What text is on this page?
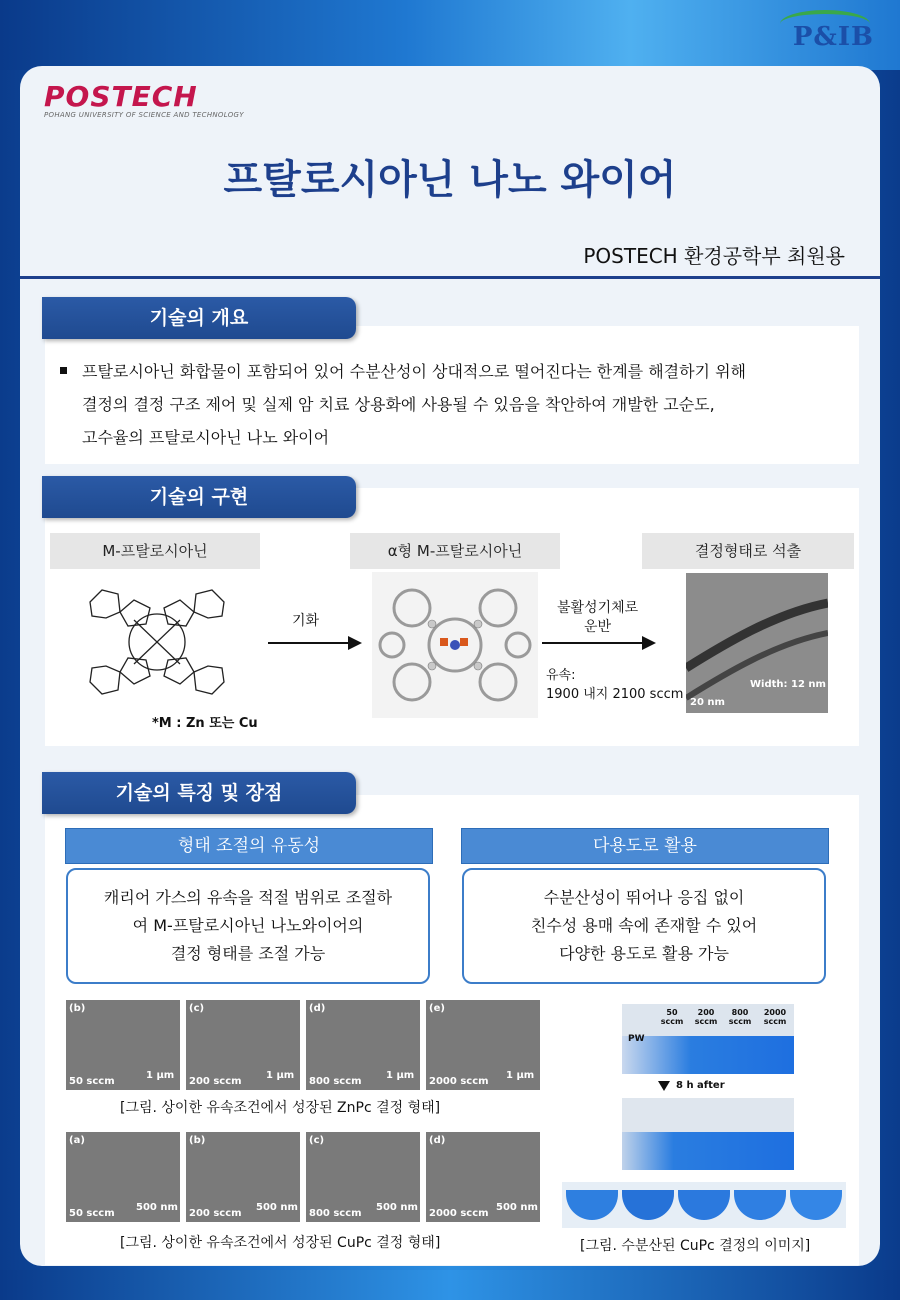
P&IB
POSTECH
POHANG UNIVERSITY OF SCIENCE AND TECHNOLOGY
프탈로시아닌 나노 와이어
POSTECH 환경공학부 최원용
기술의 개요
프탈로시아닌 화합물이 포함되어 있어 수분산성이 상대적으로 떨어진다는 한계를 해결하기 위해
결정의 결정 구조 제어 및 실제 암 치료 상용화에 사용될 수 있음을 착안하여 개발한 고순도,
고수율의 프탈로시아닌 나노 와이어
기술의 구현
M-프탈로시아닌
*M : Zn 또는 Cu
기화
α형 M-프탈로시아닌
불활성기체로
운반
유속:
1900 내지 2100 sccm
결정형태로 석출
Width: 12 nm
20 nm
기술의 특징 및 장점
형태 조절의 유동성
캐리어 가스의 유속을 적절 범위로 조절하
여 M-프탈로시아닌 나노와이어의
결정 형태를 조절 가능
다용도로 활용
수분산성이 뛰어나 응집 없이
친수성 용매 속에 존재할 수 있어
다양한 용도로 활용 가능
(b)
50 sccm
1 μm
(c)
200 sccm
1 μm
(d)
800 sccm
1 μm
(e)
2000 sccm
1 μm
[그림. 상이한 유속조건에서 성장된 ZnPc 결정 형태]
(a)
50 sccm
500 nm
(b)
200 sccm
500 nm
(c)
800 sccm
500 nm
(d)
2000 sccm
500 nm
[그림. 상이한 유속조건에서 성장된 CuPc 결정 형태]
PW
50 sccm
200 sccm
800 sccm
2000 sccm
8 h after
[그림. 수분산된 CuPc 결정의 이미지]
